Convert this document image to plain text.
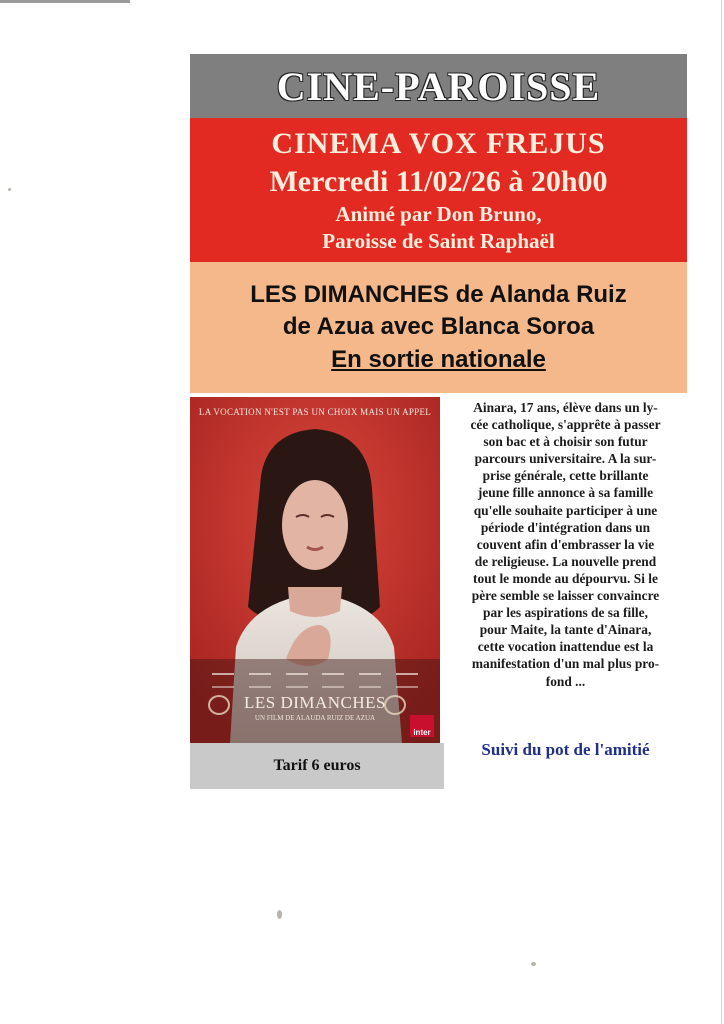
CINE-PAROISSE
CINEMA VOX FREJUS
Mercredi 11/02/26 à 20h00
Animé par Don Bruno,
Paroisse de Saint Raphaël
LES DIMANCHES de Alanda Ruiz
de Azua avec Blanca Soroa
En sortie nationale
LA VOCATION N'EST PAS UN CHOIX MAIS UN APPEL
LES DIMANCHES
UN FILM DE ALAUDA RUIZ DE AZUA
inter
Tarif 6 euros
Ainara, 17 ans, élève dans un ly-
cée catholique, s'apprête à passer
son bac et à choisir son futur
parcours universitaire. A la sur-
prise générale, cette brillante
jeune fille annonce à sa famille
qu'elle souhaite participer à une
période d'intégration dans un
couvent afin d'embrasser la vie
de religieuse. La nouvelle prend
tout le monde au dépourvu. Si le
père semble se laisser convaincre
par les aspirations de sa fille,
pour Maite, la tante d'Ainara,
cette vocation inattendue est la
manifestation d'un mal plus pro-
fond ...
Suivi du pot de l'amitié
